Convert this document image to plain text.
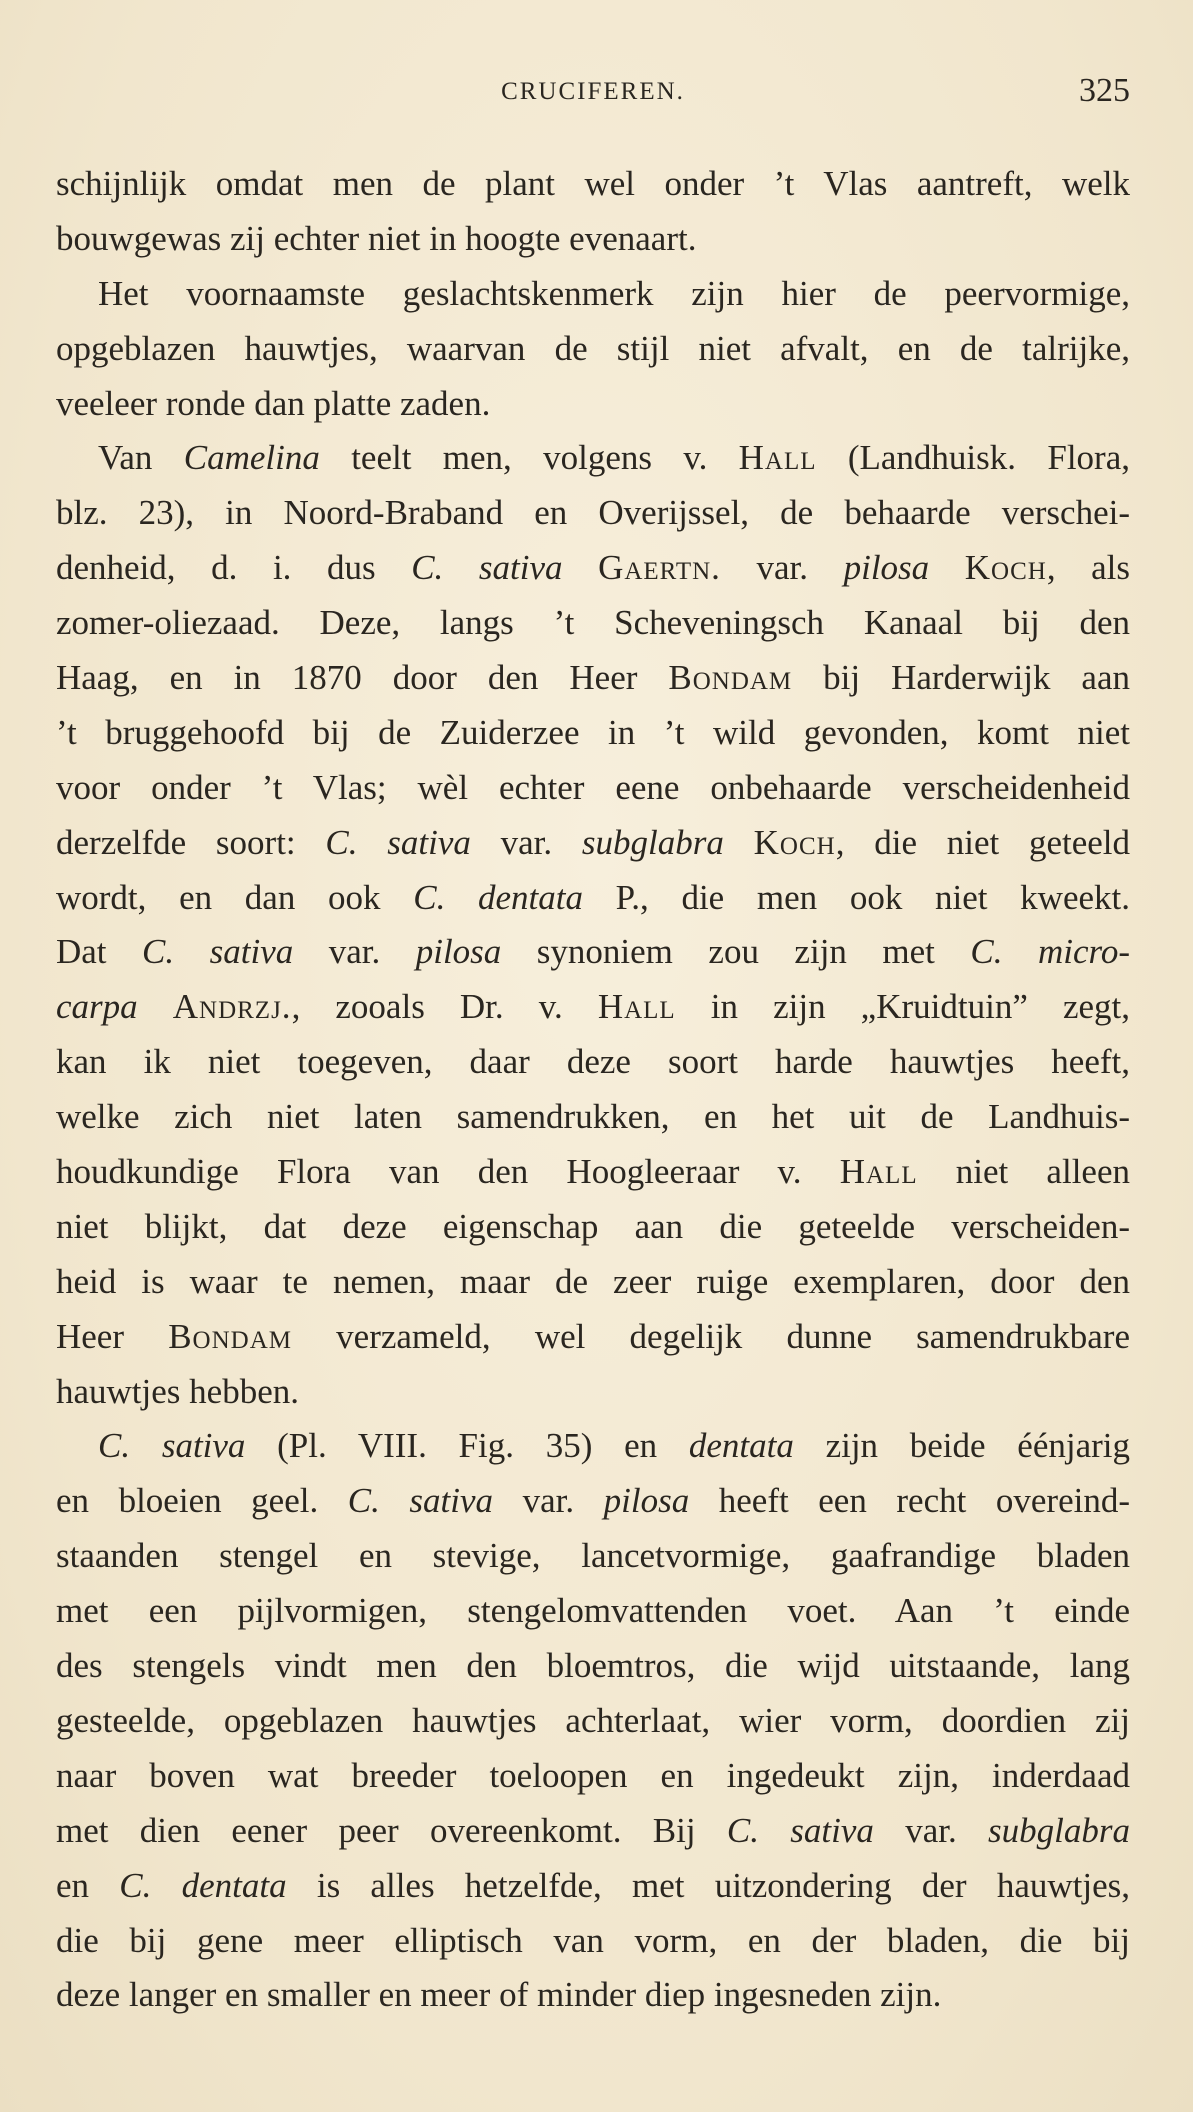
CRUCIFEREN.	325
schijnlijk omdat men de plant wel onder ’t Vlas aantreft, welk
bouwgewas zij echter niet in hoogte evenaart.
Het voornaamste geslachtskenmerk zijn hier de peervormige,
opgeblazen hauwtjes, waarvan de stijl niet afvalt, en de talrijke,
veeleer ronde dan platte zaden.
Van Camelina teelt men, volgens v. Hall (Landhuisk. Flora,
blz. 23), in Noord-Braband en Overijssel, de behaarde verschei-
denheid, d. i. dus C. sativa Gaertn. var. pilosa Koch, als
zomer-oliezaad. Deze, langs ’t Scheveningsch Kanaal bij den
Haag, en in 1870 door den Heer Bondam bij Harderwijk aan
’t bruggehoofd bij de Zuiderzee in ’t wild gevonden, komt niet
voor onder ’t Vlas; wèl echter eene onbehaarde verscheidenheid
derzelfde soort: C. sativa var. subglabra Koch, die niet geteeld
wordt, en dan ook C. dentata P., die men ook niet kweekt.
Dat C. sativa var. pilosa synoniem zou zijn met C. micro-
carpa Andrzj., zooals Dr. v. Hall in zijn „Kruidtuin” zegt,
kan ik niet toegeven, daar deze soort harde hauwtjes heeft,
welke zich niet laten samendrukken, en het uit de Landhuis-
houdkundige Flora van den Hoogleeraar v. Hall niet alleen
niet blijkt, dat deze eigenschap aan die geteelde verscheiden-
heid is waar te nemen, maar de zeer ruige exemplaren, door den
Heer Bondam verzameld, wel degelijk dunne samendrukbare
hauwtjes hebben.
C. sativa (Pl. VIII. Fig. 35) en dentata zijn beide éénjarig
en bloeien geel. C. sativa var. pilosa heeft een recht overeind-
staanden stengel en stevige, lancetvormige, gaafrandige bladen
met een pijlvormigen, stengelomvattenden voet. Aan ’t einde
des stengels vindt men den bloemtros, die wijd uitstaande, lang
gesteelde, opgeblazen hauwtjes achterlaat, wier vorm, doordien zij
naar boven wat breeder toeloopen en ingedeukt zijn, inderdaad
met dien eener peer overeenkomt. Bij C. sativa var. subglabra
en C. dentata is alles hetzelfde, met uitzondering der hauwtjes,
die bij gene meer elliptisch van vorm, en der bladen, die bij
deze langer en smaller en meer of minder diep ingesneden zijn.
